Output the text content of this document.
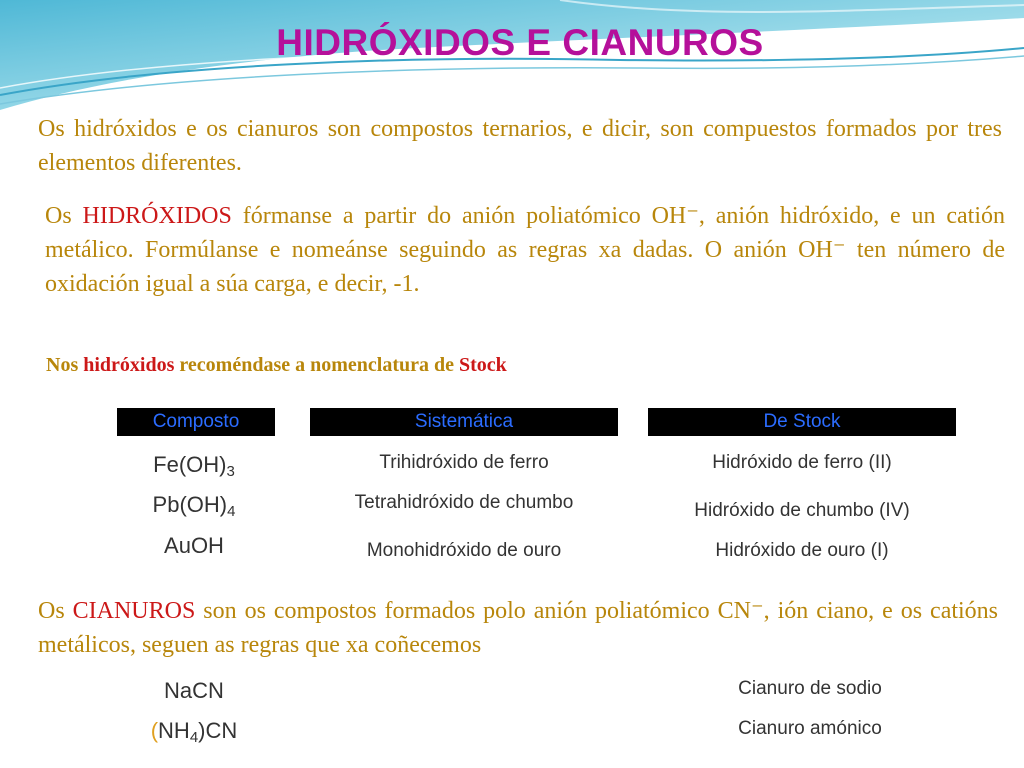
HIDRÓXIDOS E CIANUROS

Os hidróxidos e os cianuros son compostos ternarios, e dicir, son compuestos formados por tres elementos diferentes.

Os HIDRÓXIDOS fórmanse a partir do anión poliatómico OH⁻, anión hidróxido, e un catión metálico. Formúlanse e nomeánse seguindo as regras xa dadas. O anión OH⁻ ten número de oxidación igual a súa carga, e decir, -1.

Nos hidróxidos recoméndase a nomenclatura de Stock
Composto	Sistemática	De Stock
$Fe(OH)_3$	Trihidróxido de ferro	Hidróxido de ferro (II)
$Pb(OH)_4$	Tetrahidróxido de chumbo	Hidróxido de chumbo (IV)
AuOH	Monohidróxido de ouro	Hidróxido de ouro (I)

Os CIANUROS son os compostos formados polo anión poliatómico CN⁻, ión ciano, e os catións metálicos, seguen as regras que xa coñecemos

NaCN	Cianuro de sodio
$(NH_4)CN$	Cianuro amónico
